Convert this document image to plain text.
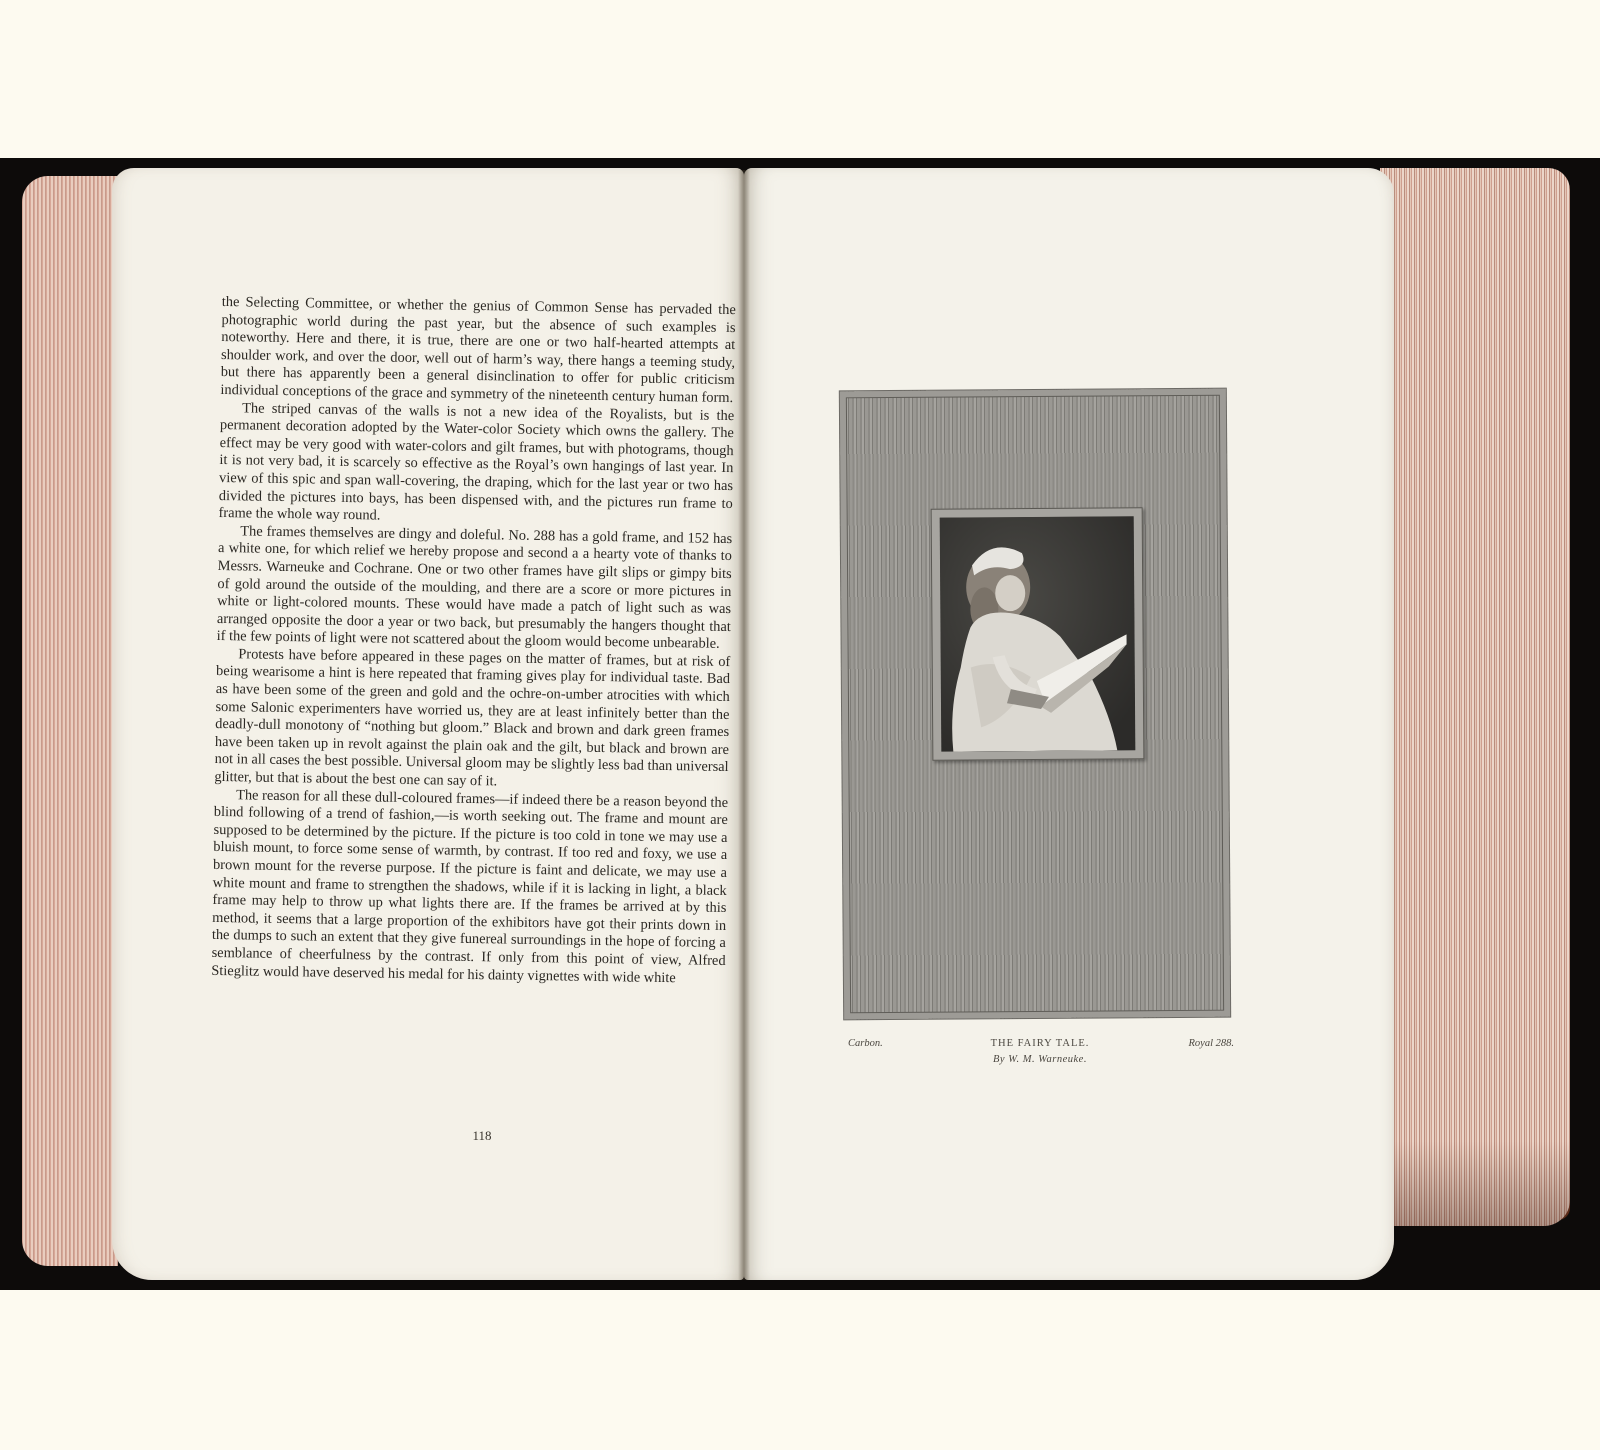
the Selecting Committee, or whether the genius of Common Sense has pervaded the photographic world during the past year, but the absence of such examples is noteworthy. Here and there, it is true, there are one or two half-hearted attempts at shoulder work, and over the door, well out of harm’s way, there hangs a teeming study, but there has apparently been a general disinclination to offer for public criticism individual conceptions of the grace and symmetry of the nineteenth century human form.

The striped canvas of the walls is not a new idea of the Royalists, but is the permanent decoration adopted by the Water-color Society which owns the gallery. The effect may be very good with water-colors and gilt frames, but with photograms, though it is not very bad, it is scarcely so effective as the Royal’s own hangings of last year. In view of this spic and span wall-covering, the draping, which for the last year or two has divided the pictures into bays, has been dispensed with, and the pictures run frame to frame the whole way round.

The frames themselves are dingy and doleful. No. 288 has a gold frame, and 152 has a white one, for which relief we hereby propose and second a a hearty vote of thanks to Messrs. Warneuke and Cochrane. One or two other frames have gilt slips or gimpy bits of gold around the outside of the moulding, and there are a score or more pictures in white or light-colored mounts. These would have made a patch of light such as was arranged opposite the door a year or two back, but presumably the hangers thought that if the few points of light were not scattered about the gloom would become unbearable.

Protests have before appeared in these pages on the matter of frames, but at risk of being wearisome a hint is here repeated that framing gives play for individual taste. Bad as have been some of the green and gold and the ochre-on-umber atrocities with which some Salonic experimenters have worried us, they are at least infinitely better than the deadly-dull monotony of “nothing but gloom.” Black and brown and dark green frames have been taken up in revolt against the plain oak and the gilt, but black and brown are not in all cases the best possible. Universal gloom may be slightly less bad than universal glitter, but that is about the best one can say of it.

The reason for all these dull-coloured frames—if indeed there be a reason beyond the blind following of a trend of fashion,—is worth seeking out. The frame and mount are supposed to be determined by the picture. If the picture is too cold in tone we may use a bluish mount, to force some sense of warmth, by contrast. If too red and foxy, we use a brown mount for the reverse purpose. If the picture is faint and delicate, we may use a white mount and frame to strengthen the shadows, while if it is lacking in light, a black frame may help to throw up what lights there are. If the frames be arrived at by this method, it seems that a large proportion of the exhibitors have got their prints down in the dumps to such an extent that they give funereal surroundings in the hope of forcing a semblance of cheerfulness by the contrast. If only from this point of view, Alfred Stieglitz would have deserved his medal for his dainty vignettes with wide white

118
Carbon.	THE FAIRY TALE.	Royal 288.
By W. M. Warneuke.
